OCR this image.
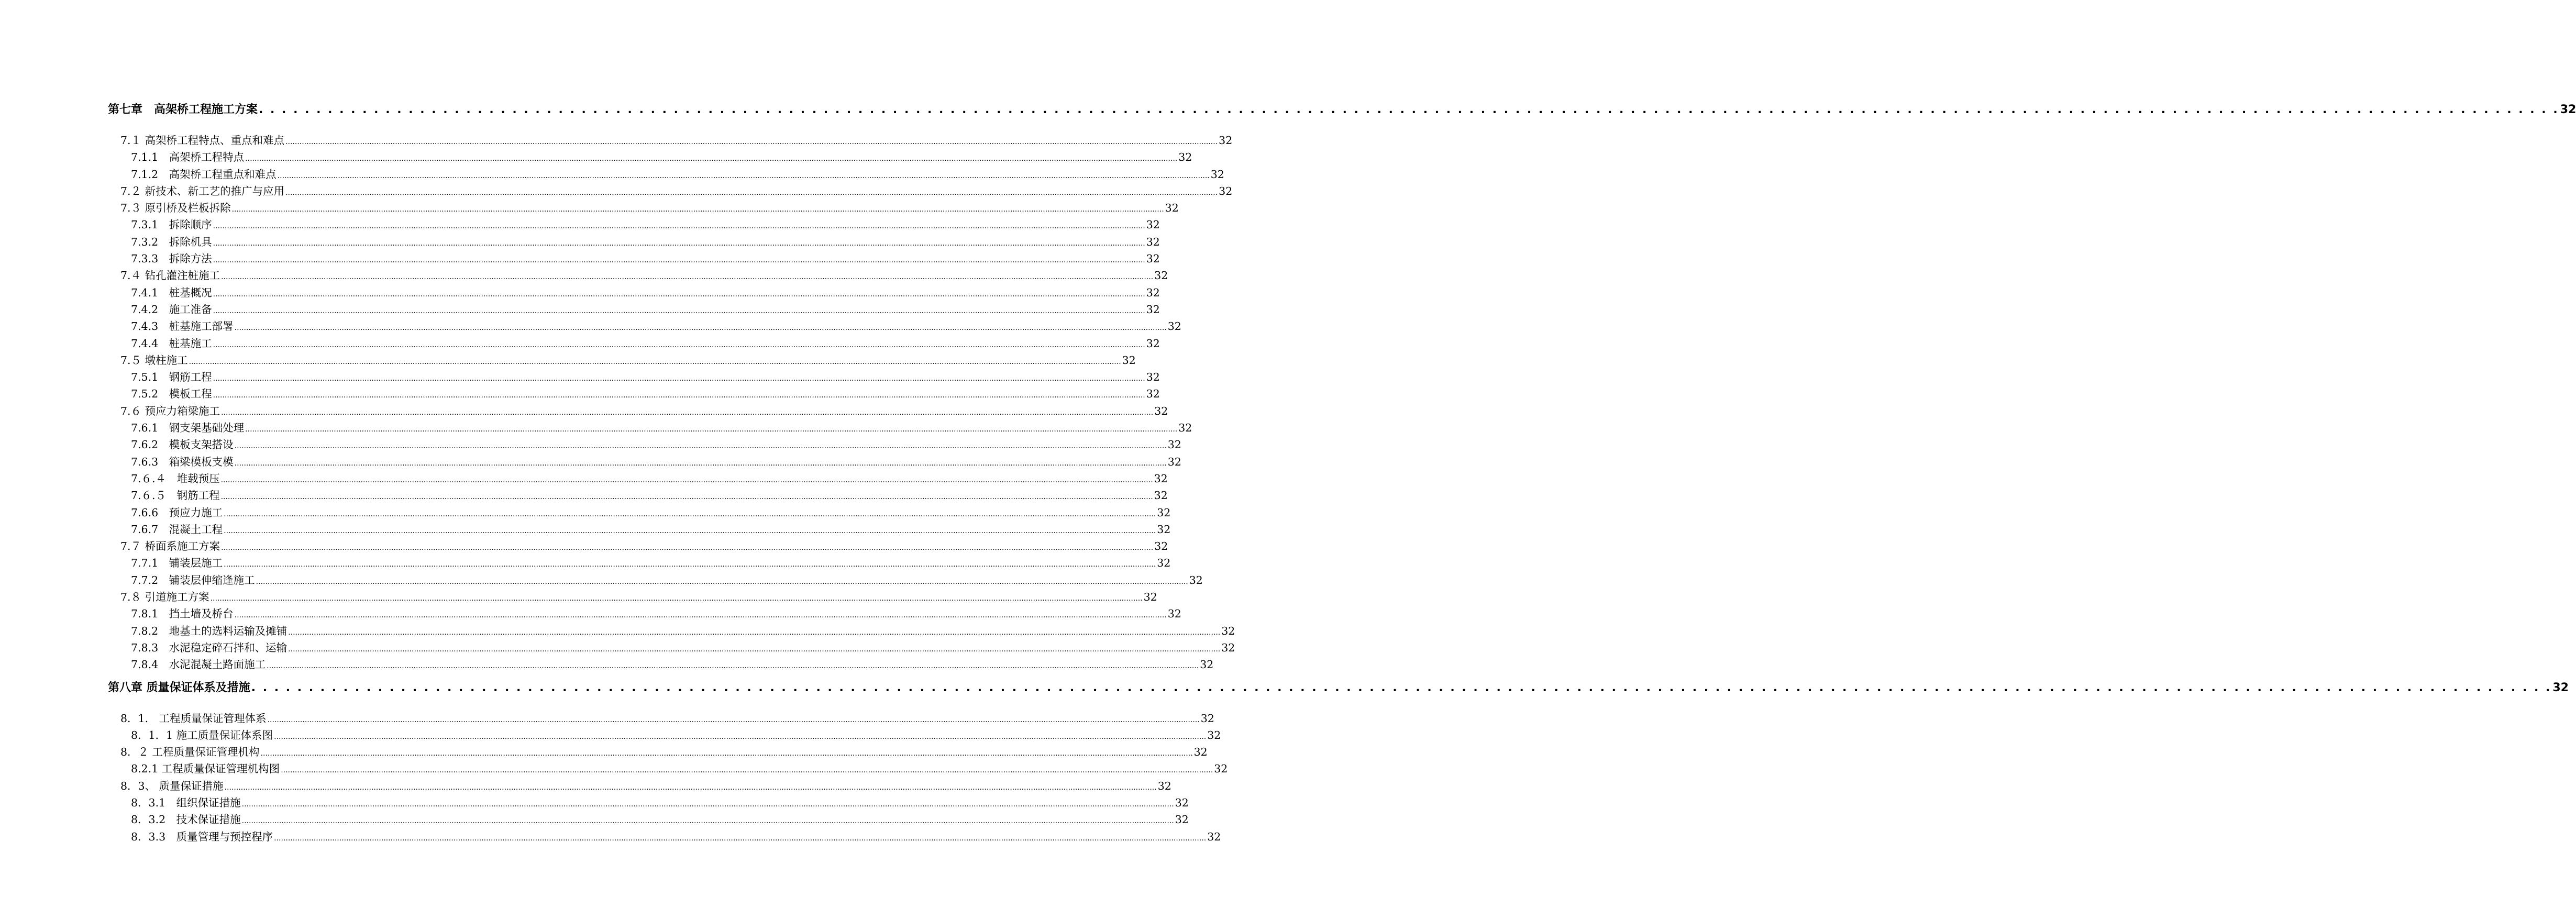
第七章　高架桥工程施工方案 . . . . . . . . . . . . . . . . . . . . . . . . . . . . . . . . . . . . . . . . . . . . . . . . . . . . . . . . . . . . . . . . . . . . . . . . . . . . . . . . . . . . . . . . . . . . . . . . . . . . . . . . . . . . . . . . . . . . . . . . . . . . . . . . . . . . . . . . . . . . . . . . . . . . . . . . . . . . . . . . . . . . . . . . . . . . . . . . . . . . . . . . . . . . . . . . . . . . . . . . 32
7.１ 高架桥工程特点、重点和难点 ................................................................................................................................................................................................................................................................................................................................................................................................................ 32
7.1.1　高架桥工程特点 ................................................................................................................................................................................................................................................................................................................................................................................................................ 32
7.1.2　高架桥工程重点和难点 ................................................................................................................................................................................................................................................................................................................................................................................................................ 32
7.２ 新技术、新工艺的推广与应用 ................................................................................................................................................................................................................................................................................................................................................................................................................ 32
7.３ 原引桥及栏板拆除 ................................................................................................................................................................................................................................................................................................................................................................................................................ 32
7.3.1　拆除顺序 ................................................................................................................................................................................................................................................................................................................................................................................................................ 32
7.3.2　拆除机具 ................................................................................................................................................................................................................................................................................................................................................................................................................ 32
7.3.3　拆除方法 ................................................................................................................................................................................................................................................................................................................................................................................................................ 32
7.４ 钻孔灌注桩施工 ................................................................................................................................................................................................................................................................................................................................................................................................................ 32
7.4.1　桩基概况 ................................................................................................................................................................................................................................................................................................................................................................................................................ 32
7.4.2　施工准备 ................................................................................................................................................................................................................................................................................................................................................................................................................ 32
7.4.3　桩基施工部署 ................................................................................................................................................................................................................................................................................................................................................................................................................ 32
7.4.4　桩基施工 ................................................................................................................................................................................................................................................................................................................................................................................................................ 32
7.５ 墩柱施工 ................................................................................................................................................................................................................................................................................................................................................................................................................ 32
7.5.1　钢筋工程 ................................................................................................................................................................................................................................................................................................................................................................................................................ 32
7.5.2　模板工程 ................................................................................................................................................................................................................................................................................................................................................................................................................ 32
7.６ 预应力箱梁施工 ................................................................................................................................................................................................................................................................................................................................................................................................................ 32
7.6.1　钢支架基础处理 ................................................................................................................................................................................................................................................................................................................................................................................................................ 32
7.6.2　模板支架搭设 ................................................................................................................................................................................................................................................................................................................................................................................................................ 32
7.6.3　箱梁模板支模 ................................................................................................................................................................................................................................................................................................................................................................................................................ 32
7.６.４　堆载预压 ................................................................................................................................................................................................................................................................................................................................................................................................................ 32
7.６.５　钢筋工程 ................................................................................................................................................................................................................................................................................................................................................................................................................ 32
7.6.6　预应力施工 ................................................................................................................................................................................................................................................................................................................................................................................................................ 32
7.6.7　混凝土工程 ................................................................................................................................................................................................................................................................................................................................................................................................................ 32
7.７ 桥面系施工方案 ................................................................................................................................................................................................................................................................................................................................................................................................................ 32
7.7.1　铺装层施工 ................................................................................................................................................................................................................................................................................................................................................................................................................ 32
7.7.2　铺装层伸缩逢施工 ................................................................................................................................................................................................................................................................................................................................................................................................................ 32
7.８ 引道施工方案 ................................................................................................................................................................................................................................................................................................................................................................................................................ 32
7.8.1　挡土墙及桥台 ................................................................................................................................................................................................................................................................................................................................................................................................................ 32
7.8.2　地基土的选料运输及摊铺 ................................................................................................................................................................................................................................................................................................................................................................................................................ 32
7.8.3　水泥稳定碎石拌和、运输 ................................................................................................................................................................................................................................................................................................................................................................................................................ 32
7.8.4　水泥混凝土路面施工 ................................................................................................................................................................................................................................................................................................................................................................................................................ 32
第八章 质量保证体系及措施 . . . . . . . . . . . . . . . . . . . . . . . . . . . . . . . . . . . . . . . . . . . . . . . . . . . . . . . . . . . . . . . . . . . . . . . . . . . . . . . . . . . . . . . . . . . . . . . . . . . . . . . . . . . . . . . . . . . . . . . . . . . . . . . . . . . . . . . . . . . . . . . . . . . . . . . . . . . . . . . . . . . . . . . . . . . . . . . . . . . . . . . . . . . . . . . . . . . . . . . . 32
8．1.　工程质量保证管理体系 ................................................................................................................................................................................................................................................................................................................................................................................................................ 32
8．1．1 施工质量保证体系图 ................................................................................................................................................................................................................................................................................................................................................................................................................ 32
8．２ 工程质量保证管理机构 ................................................................................................................................................................................................................................................................................................................................................................................................................ 32
8.2.1 工程质量保证管理机构图 ................................................................................................................................................................................................................................................................................................................................................................................................................ 32
8．3、 质量保证措施 ................................................................................................................................................................................................................................................................................................................................................................................................................ 32
8．3.1　组织保证措施 ................................................................................................................................................................................................................................................................................................................................................................................................................ 32
8．3.2　技术保证措施 ................................................................................................................................................................................................................................................................................................................................................................................................................ 32
8．3.3　质量管理与预控程序 ................................................................................................................................................................................................................................................................................................................................................................................................................ 32
